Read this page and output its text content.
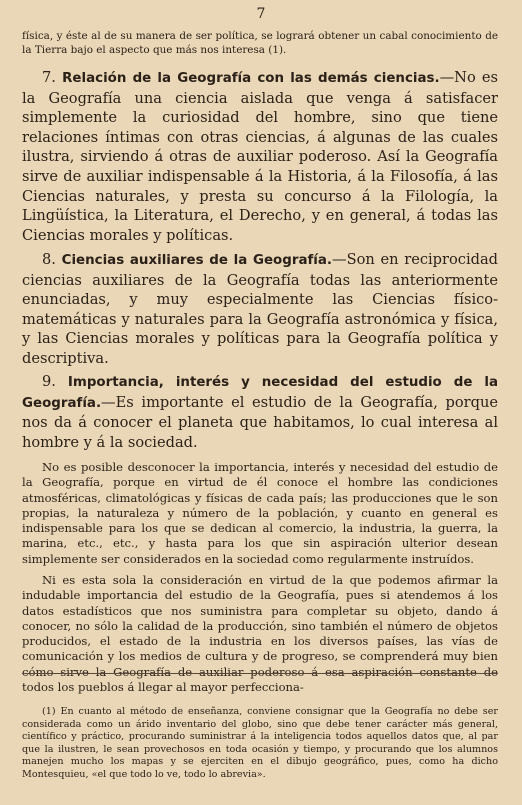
7
física, y éste al de su manera de ser política, se logrará obtener un cabal conocimiento de la Tierra bajo el aspecto que más nos interesa (1).
7. Relación de la Geografía con las demás ciencias.—No es la Geografía una ciencia aislada que venga á satisfacer simplemente la curiosidad del hombre, sino que tiene relaciones íntimas con otras ciencias, á algunas de las cuales ilustra, sirviendo á otras de auxiliar poderoso. Así la Geografía sirve de auxiliar indispensable á la Historia, á la Filosofía, á las Ciencias naturales, y presta su concurso á la Filología, la Lingüística, la Literatura, el Derecho, y en general, á todas las Ciencias morales y políticas.
8. Ciencias auxiliares de la Geografía.—Son en reciprocidad ciencias auxiliares de la Geografía todas las anteriormente enunciadas, y muy especialmente las Ciencias físico-matemáticas y naturales para la Geografía astronómica y física, y las Ciencias morales y políticas para la Geografía política y descriptiva.
9. Importancia, interés y necesidad del estudio de la Geografía.—Es importante el estudio de la Geografía, porque nos da á conocer el planeta que habitamos, lo cual interesa al hombre y á la sociedad.
No es posible desconocer la importancia, interés y necesidad del estudio de la Geografía, porque en virtud de él conoce el hombre las condiciones atmosféricas, climatológicas y físicas de cada país; las producciones que le son propias, la naturaleza y número de la población, y cuanto en general es indispensable para los que se dedican al comercio, la industria, la guerra, la marina, etc., etc., y hasta para los que sin aspiración ulterior desean simplemente ser considerados en la sociedad como regularmente instruídos.
Ni es esta sola la consideración en virtud de la que podemos afirmar la indudable importancia del estudio de la Geografía, pues si atendemos á los datos estadísticos que nos suministra para completar su objeto, dando á conocer, no sólo la calidad de la producción, sino también el número de objetos producidos, el estado de la industria en los diversos países, las vías de comunicación y los medios de cultura y de progreso, se comprenderá muy bien cómo sirve la Geografía de auxiliar poderoso á esa aspiración constante de todos los pueblos á llegar al mayor perfecciona-
(1) En cuanto al método de enseñanza, conviene consignar que la Geografía no debe ser considerada como un árido inventario del globo, sino que debe tener carácter más general, científico y práctico, procurando suministrar á la inteligencia todos aquellos datos que, al par que la ilustren, le sean provechosos en toda ocasión y tiempo, y procurando que los alumnos manejen mucho los mapas y se ejerciten en el dibujo geográfico, pues, como ha dicho Montesquieu, «el que todo lo ve, todo lo abrevia».
